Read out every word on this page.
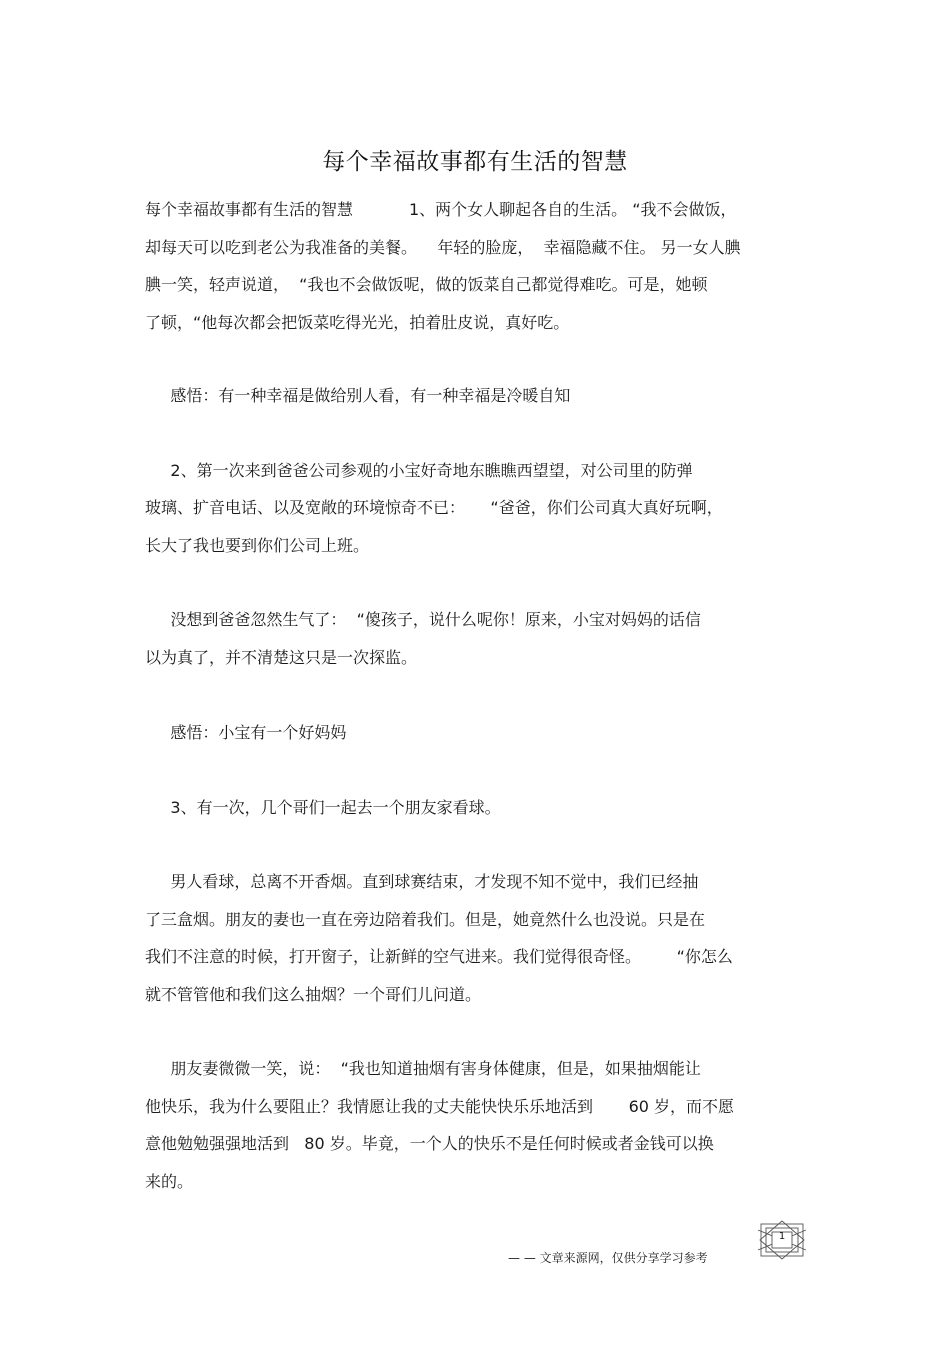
每个幸福故事都有生活的智慧
每个幸福故事都有生活的智慧           1、两个女人聊起各自的生活。 “我不会做饭，
却每天可以吃到老公为我准备的美餐。    年轻的脸庞，  幸福隐藏不住。 另一女人腆
腆一笑，轻声说道，  “我也不会做饭呢，做的饭菜自己都觉得难吃。可是，她顿
了顿，“他每次都会把饭菜吃得光光，拍着肚皮说，真好吃。
感悟：有一种幸福是做给别人看，有一种幸福是冷暖自知
2、第一次来到爸爸公司参观的小宝好奇地东瞧瞧西望望，对公司里的防弹
玻璃、扩音电话、以及宽敞的环境惊奇不已：     “爸爸，你们公司真大真好玩啊，
长大了我也要到你们公司上班。
没想到爸爸忽然生气了：  “傻孩子，说什么呢你！原来，小宝对妈妈的话信
以为真了，并不清楚这只是一次探监。
感悟：小宝有一个好妈妈
3、有一次，几个哥们一起去一个朋友家看球。
男人看球，总离不开香烟。直到球赛结束，才发现不知不觉中，我们已经抽
了三盒烟。朋友的妻也一直在旁边陪着我们。但是，她竟然什么也没说。只是在
我们不注意的时候，打开窗子，让新鲜的空气进来。我们觉得很奇怪。       “你怎么
就不管管他和我们这么抽烟？一个哥们儿问道。
朋友妻微微一笑，说：  “我也知道抽烟有害身体健康，但是，如果抽烟能让
他快乐，我为什么要阻止？我情愿让我的丈夫能快快乐乐地活到       60 岁，而不愿
意他勉勉强强地活到   80 岁。毕竟，一个人的快乐不是任何时候或者金钱可以换
来的。
— — 文章来源网，仅供分享学习参考
1
